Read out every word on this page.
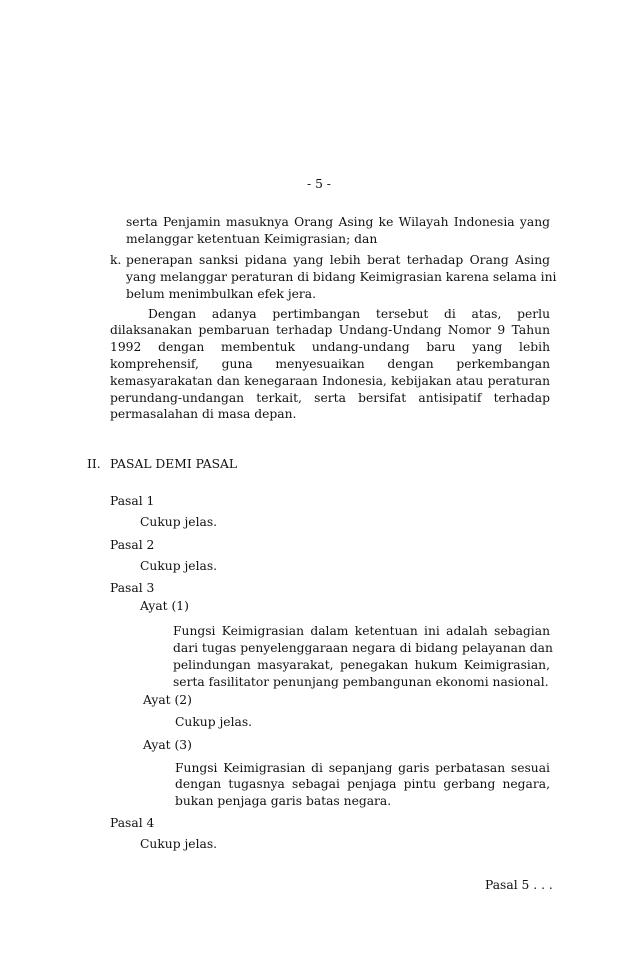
- 5 -
serta Penjamin masuknya Orang Asing ke Wilayah Indonesia yang
melanggar ketentuan Keimigrasian; dan
k. penerapan sanksi pidana yang lebih berat terhadap Orang Asing
yang melanggar peraturan di bidang Keimigrasian karena selama ini
belum menimbulkan efek jera.
Dengan adanya pertimbangan tersebut di atas, perlu
dilaksanakan pembaruan terhadap Undang-Undang Nomor 9 Tahun
1992 dengan membentuk undang-undang baru yang lebih
komprehensif, guna menyesuaikan dengan perkembangan
kemasyarakatan dan kenegaraan Indonesia, kebijakan atau peraturan
perundang-undangan terkait, serta bersifat antisipatif terhadap
permasalahan di masa depan.
II. PASAL DEMI PASAL
Pasal 1
Cukup jelas.
Pasal 2
Cukup jelas.
Pasal 3
Ayat (1)
Fungsi Keimigrasian dalam ketentuan ini adalah sebagian
dari tugas penyelenggaraan negara di bidang pelayanan dan
pelindungan masyarakat, penegakan hukum Keimigrasian,
serta fasilitator penunjang pembangunan ekonomi nasional.
Ayat (2)
Cukup jelas.
Ayat (3)
Fungsi Keimigrasian di sepanjang garis perbatasan sesuai
dengan tugasnya sebagai penjaga pintu gerbang negara,
bukan penjaga garis batas negara.
Pasal 4
Cukup jelas.
Pasal 5 . . .
